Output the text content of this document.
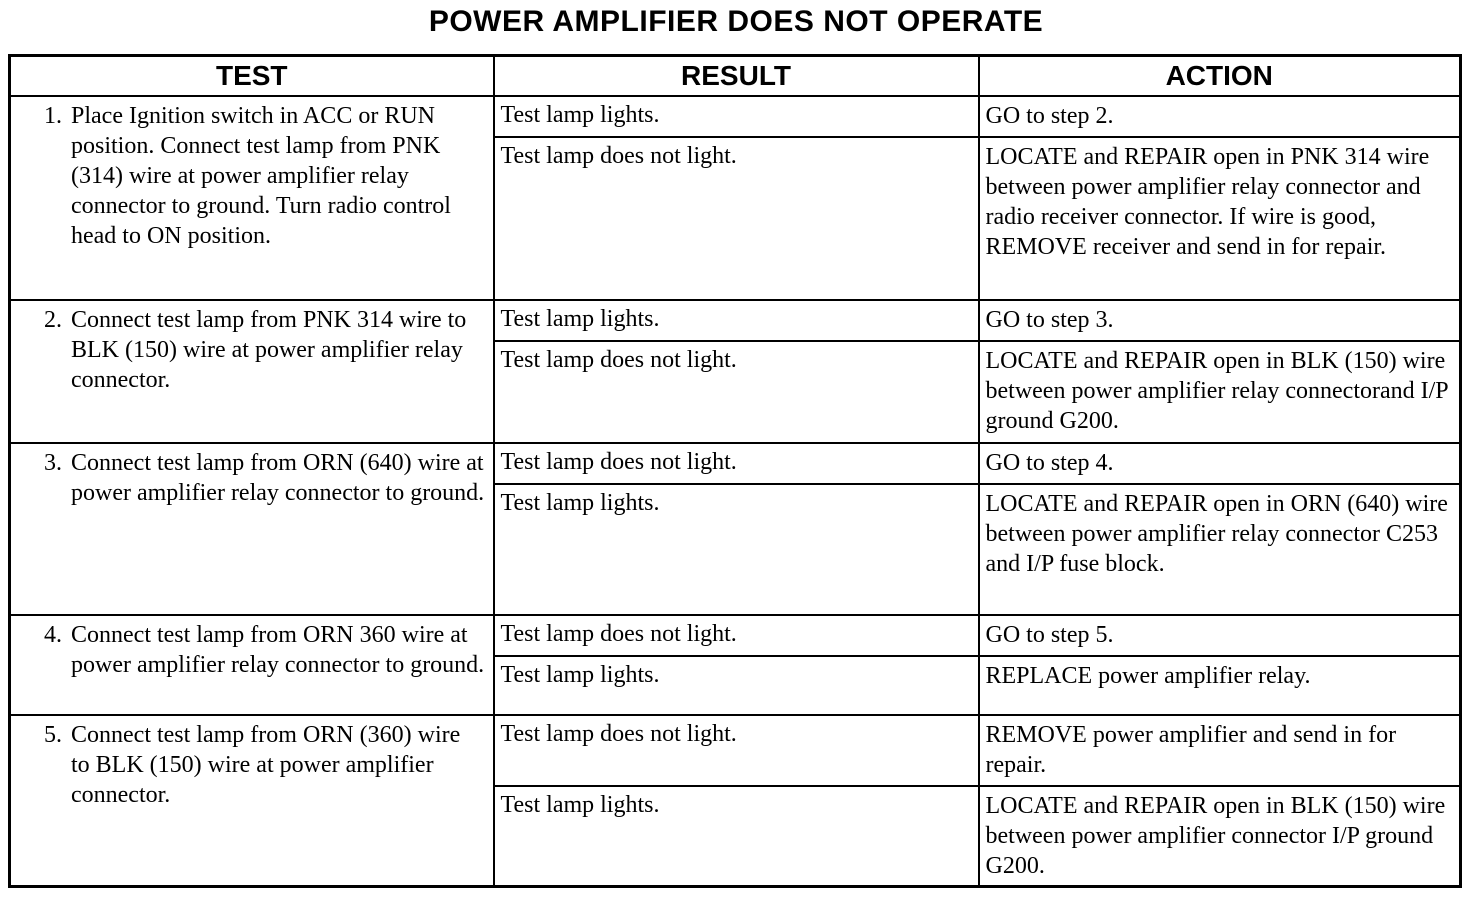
POWER AMPLIFIER DOES NOT OPERATE
TEST	RESULT	ACTION

1. Place Ignition switch in ACC or RUN position. Connect test lamp from PNK (314) wire at power amplifier relay connector to ground. Turn radio control head to ON position.	Test lamp lights.	GO to step 2.
	Test lamp does not light.	LOCATE and REPAIR open in PNK 314 wire between power amplifier relay connector and radio receiver connector. If wire is good, REMOVE receiver and send in for repair.

2. Connect test lamp from PNK 314 wire to BLK (150) wire at power amplifier relay connector.	Test lamp lights.	GO to step 3.
	Test lamp does not light.	LOCATE and REPAIR open in BLK (150) wire between power amplifier relay connectorand I/P ground G200.

3. Connect test lamp from ORN (640) wire at power amplifier relay connector to ground.	Test lamp does not light.	GO to step 4.
	Test lamp lights.	LOCATE and REPAIR open in ORN (640) wire between power amplifier relay connector C253 and I/P fuse block.

4. Connect test lamp from ORN 360 wire at power amplifier relay connector to ground.	Test lamp does not light.	GO to step 5.
	Test lamp lights.	REPLACE power amplifier relay.

5. Connect test lamp from ORN (360) wire to BLK (150) wire at power amplifier connector.	Test lamp does not light.	REMOVE power amplifier and send in for repair.
	Test lamp lights.	LOCATE and REPAIR open in BLK (150) wire between power amplifier connector I/P ground G200.
